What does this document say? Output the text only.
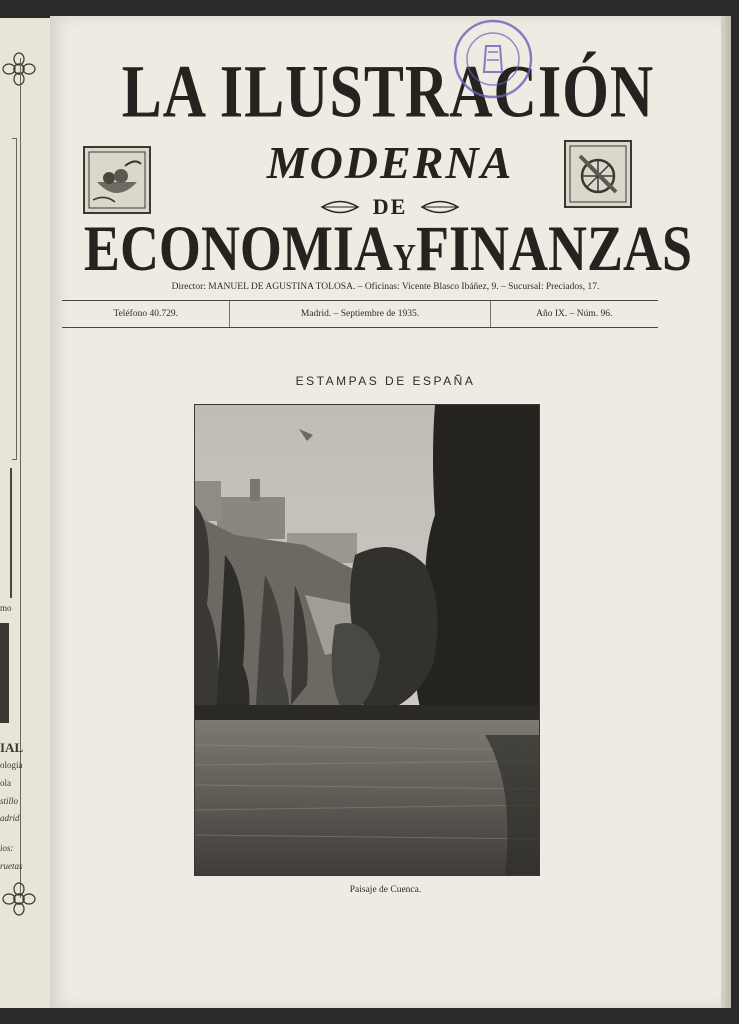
mo
IAL
ología
ola
stillo
adrid
ios:
ruetas
LA ILUSTRACIÓN
MODERNA
DE
ECONOMIAYFINANZAS
Director: MANUEL DE AGUSTINA TOLOSA. – Oficinas: Vicente Blasco Ibáñez, 9. – Sucursal: Preciados, 17.
Teléfono 40.729.	Madrid. – Septiembre de 1935.	Año IX. – Núm. 96.
ESTAMPAS DE ESPAÑA
Paisaje de Cuenca.
